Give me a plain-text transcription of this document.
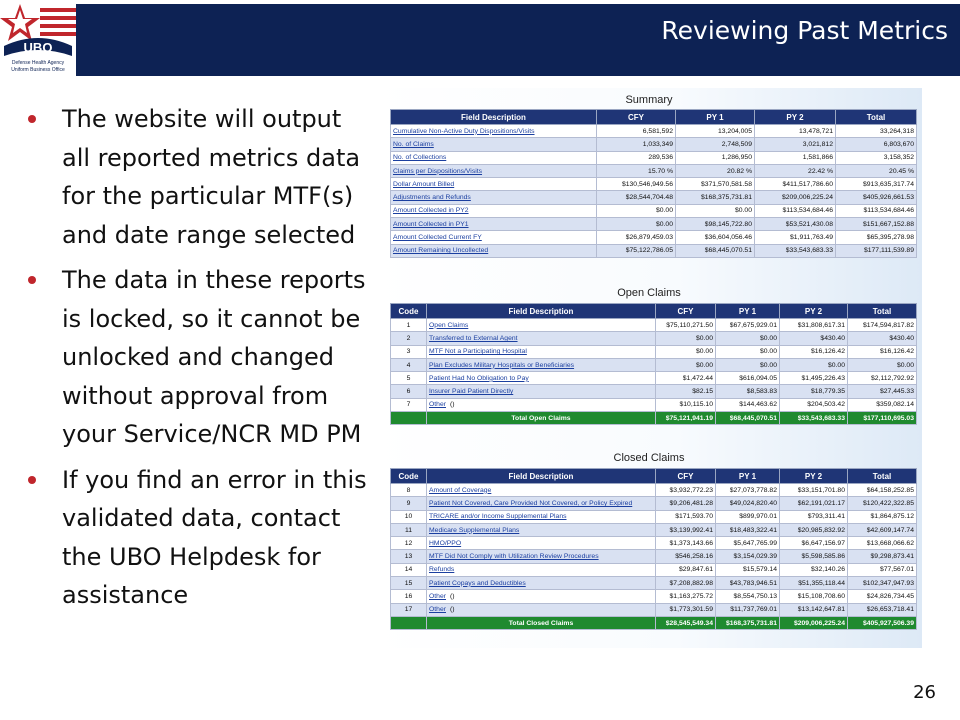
UBO
Defense Health Agency
Uniform Business Office
Reviewing Past Metrics
The website will output all reported metrics data for the particular MTF(s) and date range selected
The data in these reports is locked, so it cannot be unlocked and changed without approval from your Service/NCR MD PM
If you find an error in this validated data, contact the UBO Helpdesk for assistance
Summary
Field Description	CFY	PY 1	PY 2	Total
Cumulative Non-Active Duty Dispositions/Visits	6,581,592	13,204,005	13,478,721	33,264,318
No. of Claims	1,033,349	2,748,509	3,021,812	6,803,670
No. of Collections	289,536	1,286,950	1,581,866	3,158,352
Claims per Dispositions/Visits	15.70 %	20.82 %	22.42 %	20.45 %
Dollar Amount Billed	$130,546,949.56	$371,570,581.58	$411,517,786.60	$913,635,317.74
Adjustments and Refunds	$28,544,704.48	$168,375,731.81	$209,006,225.24	$405,926,661.53
Amount Collected in PY2	$0.00	$0.00	$113,534,684.46	$113,534,684.46
Amount Collected in PY1	$0.00	$98,145,722.80	$53,521,430.08	$151,667,152.88
Amount Collected Current FY	$26,879,459.03	$36,604,056.46	$1,911,763.49	$65,395,278.98
Amount Remaining Uncollected	$75,122,786.05	$68,445,070.51	$33,543,683.33	$177,111,539.89
Open Claims
Code	Field Description	CFY	PY 1	PY 2	Total
1	Open Claims	$75,110,271.50	$67,675,929.01	$31,808,617.31	$174,594,817.82
2	Transferred to External Agent	$0.00	$0.00	$430.40	$430.40
3	MTF Not a Participating Hospital	$0.00	$0.00	$16,126.42	$16,126.42
4	Plan Excludes Military Hospitals or Beneficiaries	$0.00	$0.00	$0.00	$0.00
5	Patient Had No Obligation to Pay	$1,472.44	$616,094.05	$1,495,226.43	$2,112,792.92
6	Insurer Paid Patient Directly	$82.15	$8,583.83	$18,779.35	$27,445.33
7	Other ()	$10,115.10	$144,463.62	$204,503.42	$359,082.14
	Total Open Claims	$75,121,941.19	$68,445,070.51	$33,543,683.33	$177,110,695.03
Closed Claims
Code	Field Description	CFY	PY 1	PY 2	Total
8	Amount of Coverage	$3,932,772.23	$27,073,778.82	$33,151,701.80	$64,158,252.85
9	Patient Not Covered, Care Provided Not Covered, or Policy Expired	$9,206,481.28	$49,024,820.40	$62,191,021.17	$120,422,322.85
10	TRICARE and/or Income Supplemental Plans	$171,593.70	$899,970.01	$793,311.41	$1,864,875.12
11	Medicare Supplemental Plans	$3,139,992.41	$18,483,322.41	$20,985,832.92	$42,609,147.74
12	HMO/PPO	$1,373,143.66	$5,647,765.99	$6,647,156.97	$13,668,066.62
13	MTF Did Not Comply with Utilization Review Procedures	$546,258.16	$3,154,029.39	$5,598,585.86	$9,298,873.41
14	Refunds	$29,847.61	$15,579.14	$32,140.26	$77,567.01
15	Patient Copays and Deductibles	$7,208,882.98	$43,783,946.51	$51,355,118.44	$102,347,947.93
16	Other ()	$1,163,275.72	$8,554,750.13	$15,108,708.60	$24,826,734.45
17	Other ()	$1,773,301.59	$11,737,769.01	$13,142,647.81	$26,653,718.41
	Total Closed Claims	$28,545,549.34	$168,375,731.81	$209,006,225.24	$405,927,506.39
26
